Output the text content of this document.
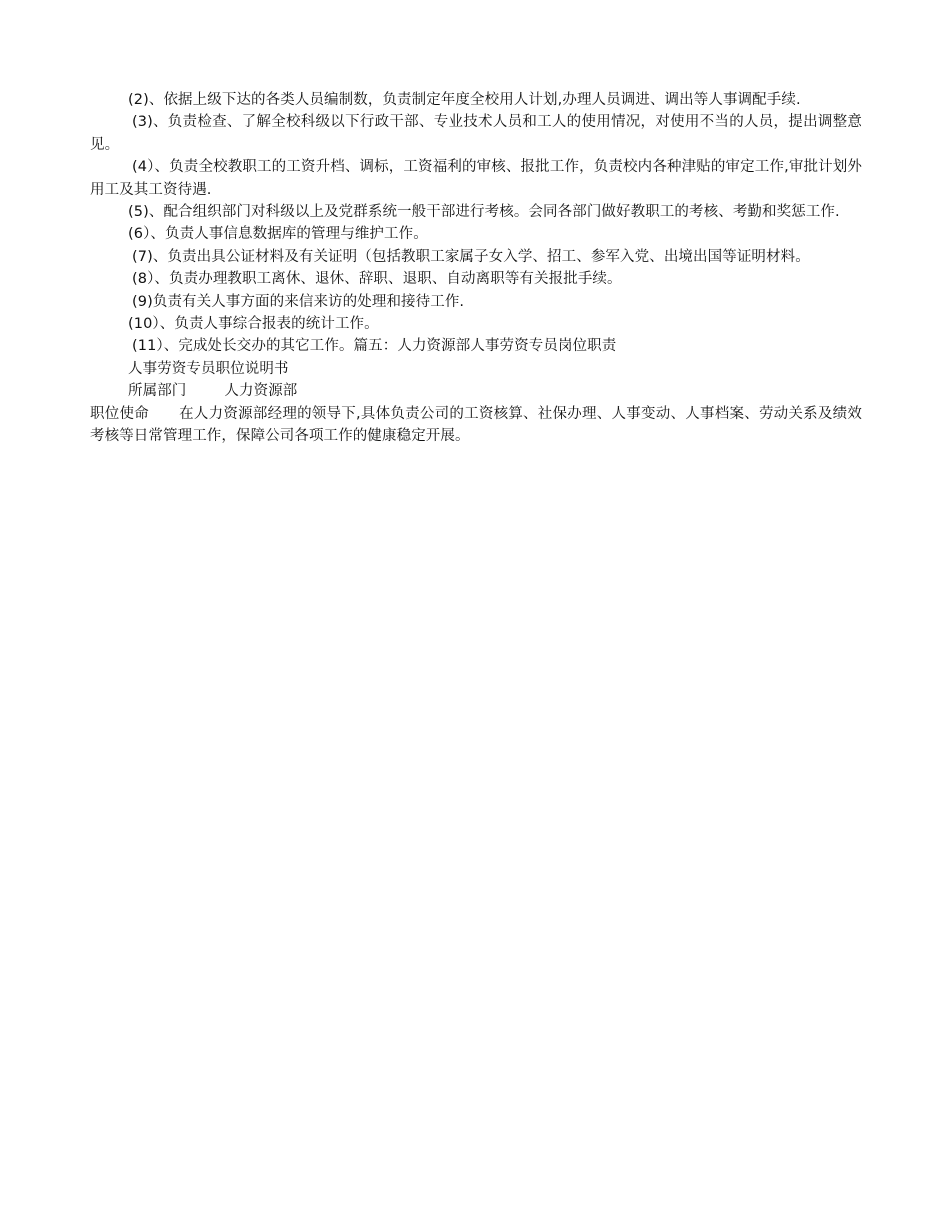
(2)、依据上级下达的各类人员编制数，负责制定年度全校用人计划,办理人员调进、调出等人事调配手续.

(3)、负责检查、了解全校科级以下行政干部、专业技术人员和工人的使用情况，对使用不当的人员，提出调整意见。

(4）、负责全校教职工的工资升档、调标，工资福利的审核、报批工作，负责校内各种津贴的审定工作,审批计划外用工及其工资待遇.

(5)、配合组织部门对科级以上及党群系统一般干部进行考核。会同各部门做好教职工的考核、考勤和奖惩工作.

(6）、负责人事信息数据库的管理与维护工作。

(7)、负责出具公证材料及有关证明（包括教职工家属子女入学、招工、参军入党、出境出国等证明材料。

(8）、负责办理教职工离休、退休、辞职、退职、自动离职等有关报批手续。

(9)负责有关人事方面的来信来访的处理和接待工作.

(10）、负责人事综合报表的统计工作。

(11）、完成处长交办的其它工作。篇五：人力资源部人事劳资专员岗位职责

人事劳资专员职位说明书

所属部门	人力资源部

职位使命 在人力资源部经理的领导下,具体负责公司的工资核算、社保办理、人事变动、人事档案、劳动关系及绩效考核等日常管理工作，保障公司各项工作的健康稳定开展。
